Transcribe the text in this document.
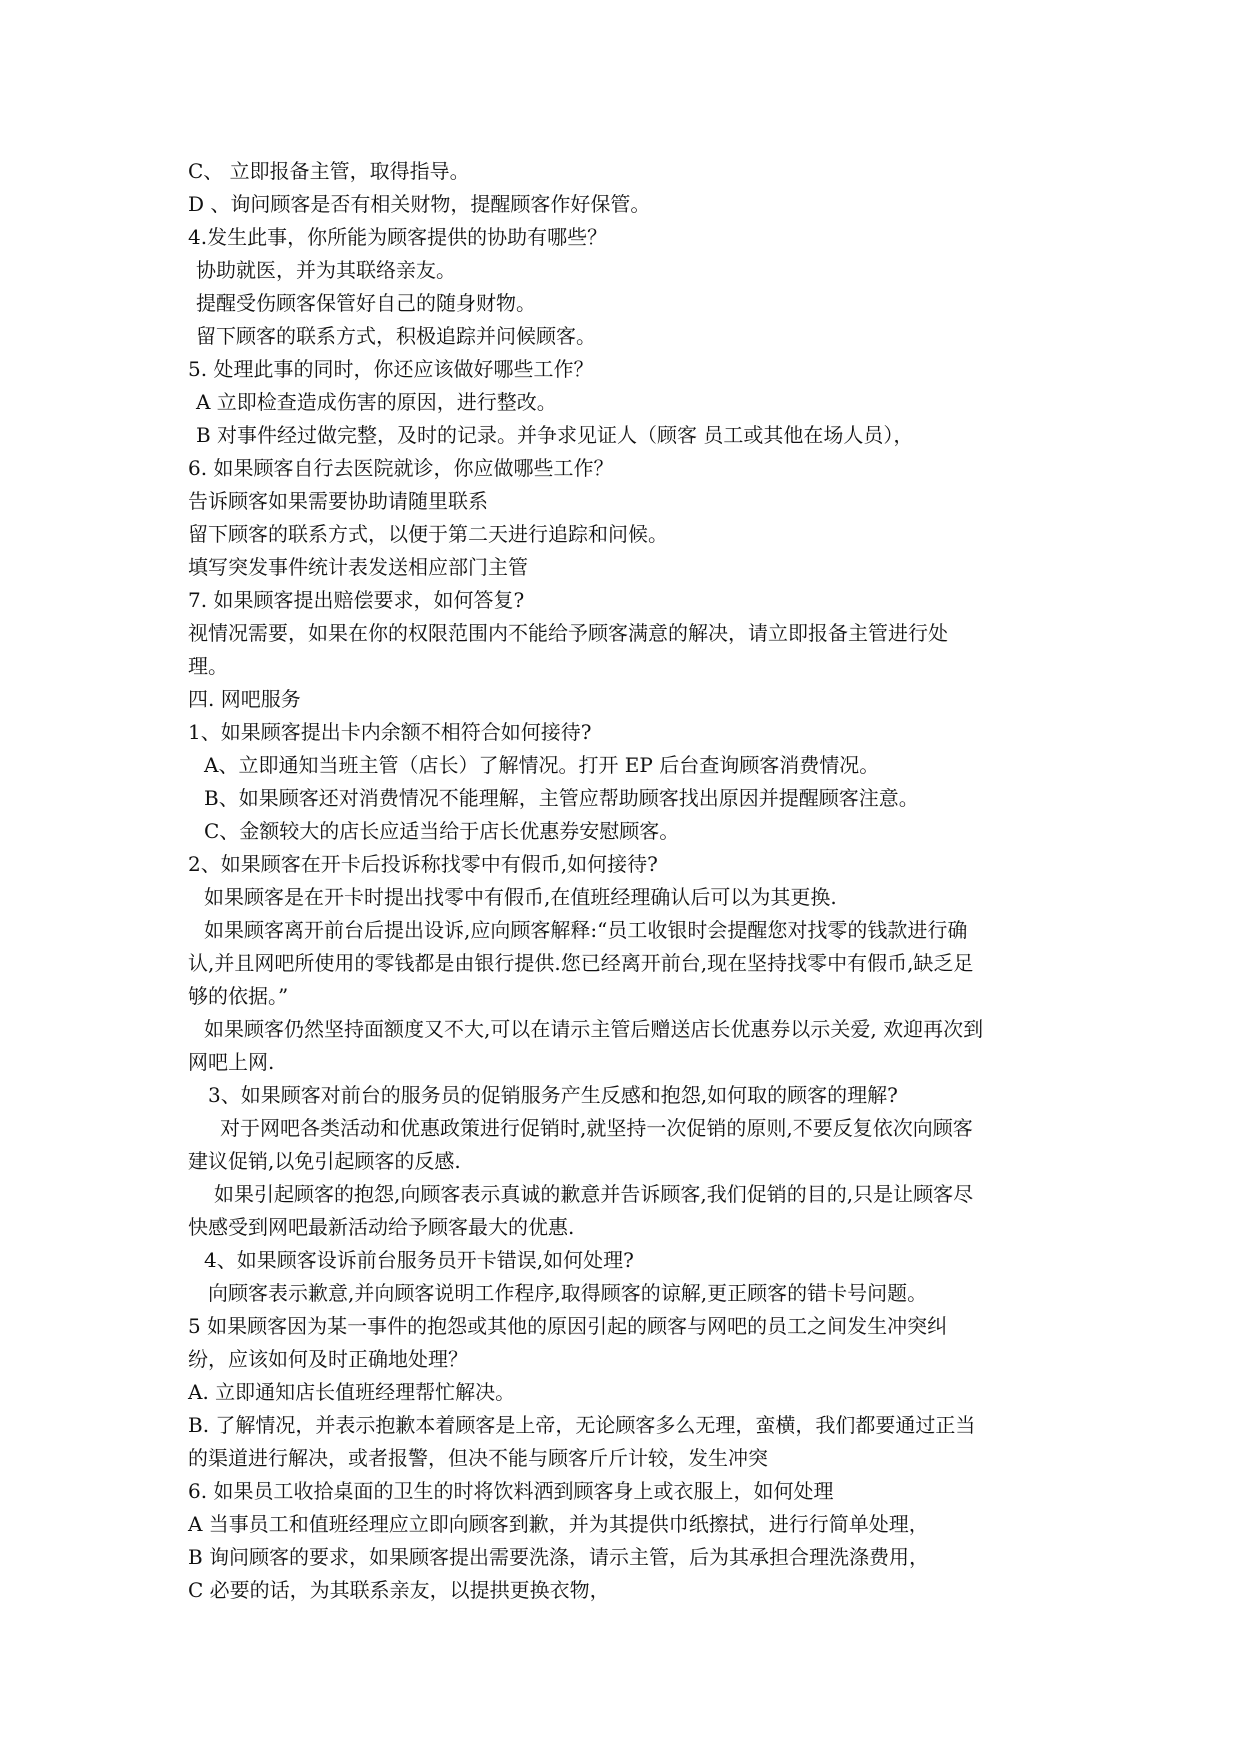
C、 立即报备主管，取得指导。
D 、询问顾客是否有相关财物，提醒顾客作好保管。
4.发生此事，你所能为顾客提供的协助有哪些？
协助就医，并为其联络亲友。
提醒受伤顾客保管好自己的随身财物。
留下顾客的联系方式，积极追踪并问候顾客。
5. 处理此事的同时，你还应该做好哪些工作？
A 立即检查造成伤害的原因，进行整改。
B 对事件经过做完整，及时的记录。并争求见证人（顾客 员工或其他在场人员），
6. 如果顾客自行去医院就诊，你应做哪些工作？
告诉顾客如果需要协助请随里联系
留下顾客的联系方式，以便于第二天进行追踪和问候。
填写突发事件统计表发送相应部门主管
7. 如果顾客提出赔偿要求，如何答复?
视情况需要，如果在你的权限范围内不能给予顾客满意的解决，请立即报备主管进行处
理。
四. 网吧服务
1、如果顾客提出卡内余额不相符合如何接待?
A、立即通知当班主管（店长）了解情况。打开 EP 后台查询顾客消费情况。
B、如果顾客还对消费情况不能理解，主管应帮助顾客找出原因并提醒顾客注意。
C、金额较大的店长应适当给于店长优惠券安慰顾客。
2、如果顾客在开卡后投诉称找零中有假币,如何接待?
如果顾客是在开卡时提出找零中有假币,在值班经理确认后可以为其更换.
如果顾客离开前台后提出设诉,应向顾客解释:“员工收银时会提醒您对找零的钱款进行确
认,并且网吧所使用的零钱都是由银行提供.您已经离开前台,现在坚持找零中有假币,缺乏足
够的依据。”
如果顾客仍然坚持面额度又不大,可以在请示主管后赠送店长优惠券以示关爱, 欢迎再次到
网吧上网.
3、如果顾客对前台的服务员的促销服务产生反感和抱怨,如何取的顾客的理解?
对于网吧各类活动和优惠政策进行促销时,就坚持一次促销的原则,不要反复依次向顾客
建议促销,以免引起顾客的反感.
如果引起顾客的抱怨,向顾客表示真诚的歉意并告诉顾客,我们促销的目的,只是让顾客尽
快感受到网吧最新活动给予顾客最大的优惠.
4、如果顾客设诉前台服务员开卡错误,如何处理?
向顾客表示歉意,并向顾客说明工作程序,取得顾客的谅解,更正顾客的错卡号问题。
5 如果顾客因为某一事件的抱怨或其他的原因引起的顾客与网吧的员工之间发生冲突纠
纷，应该如何及时正确地处理？
A. 立即通知店长值班经理帮忙解决。
B. 了解情况，并表示抱歉本着顾客是上帝，无论顾客多么无理，蛮横，我们都要通过正当
的渠道进行解决，或者报警，但决不能与顾客斤斤计较，发生冲突
6. 如果员工收拾桌面的卫生的时将饮料洒到顾客身上或衣服上，如何处理
A 当事员工和值班经理应立即向顾客到歉，并为其提供巾纸擦拭，进行行简单处理，
B 询问顾客的要求，如果顾客提出需要洗涤，请示主管，后为其承担合理洗涤费用，
C 必要的话，为其联系亲友，以提拱更换衣物，
